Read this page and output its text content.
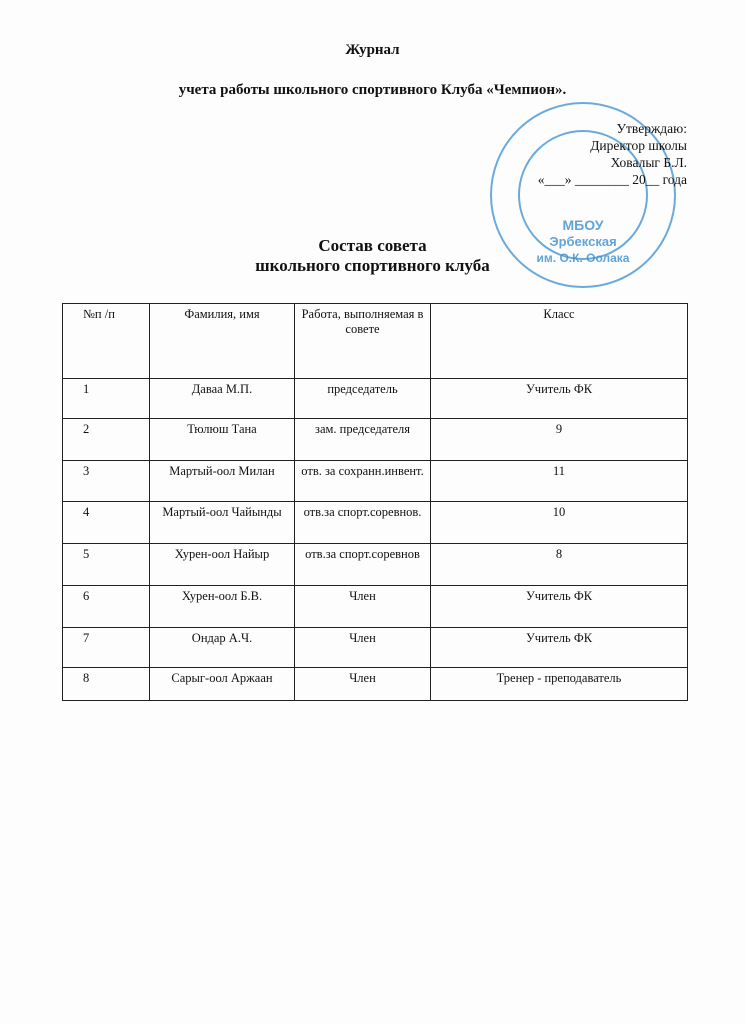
Журнал
учета работы школьного спортивного Клуба «Чемпион».
МБОУ
Эрбекская
им. О.К. Оолака
Утверждаю:
Директор школы
Ховалыг Б.Л.
«___» ________ 20__ года
Состав совета
школьного спортивного клуба
№п /п	Фамилия, имя	Работа, выполняемая в совете	Класс
1	Даваа М.П.	председатель	Учитель ФК
2	Тюлюш Тана	зам. председателя	9
3	Мартый-оол Милан	отв. за сохранн.инвент.	11
4	Мартый-оол Чайынды	отв.за спорт.соревнов.	10
5	Хурен-оол Найыр	отв.за спорт.соревнов	8
6	Хурен-оол Б.В.	Член	Учитель ФК
7	Ондар А.Ч.	Член	Учитель ФК
8	Сарыг-оол Аржаан	Член	Тренер - преподаватель
